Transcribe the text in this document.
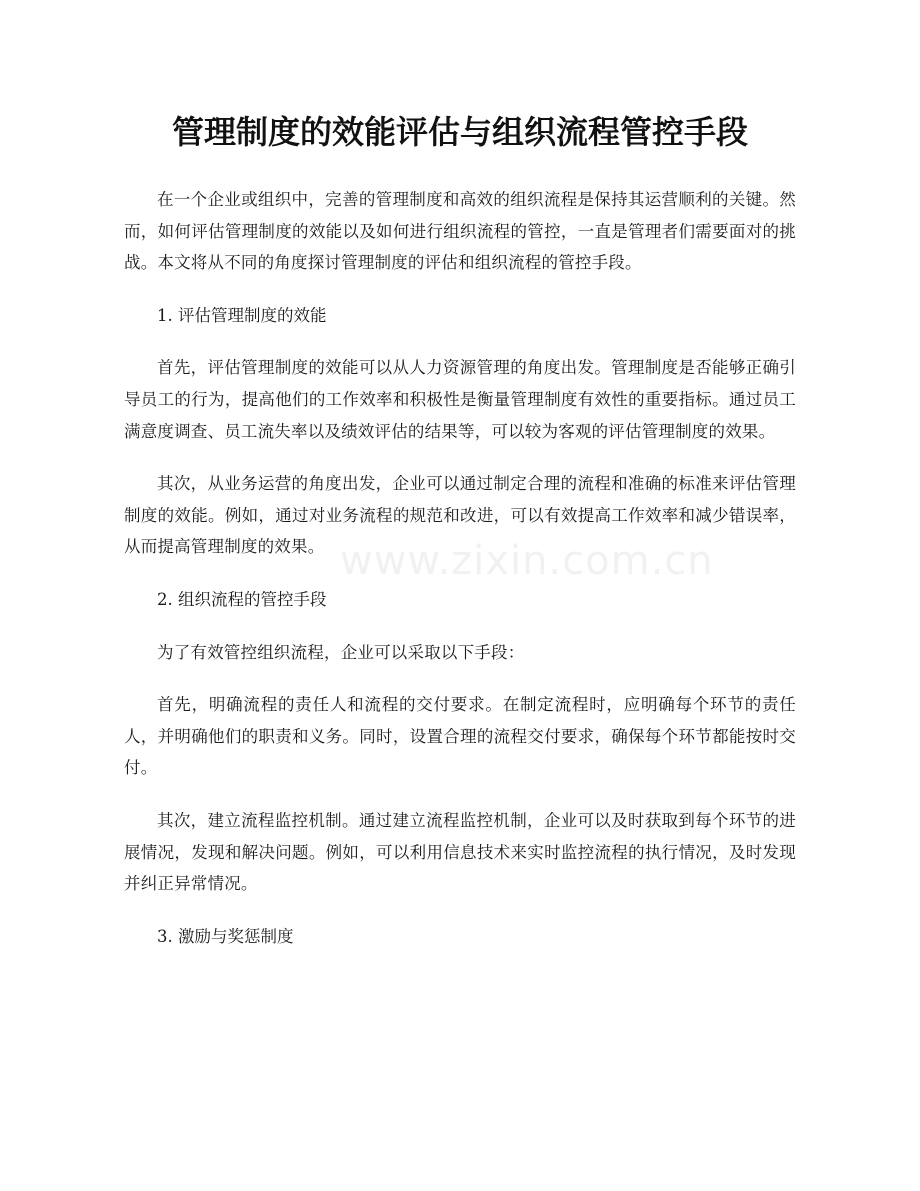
www.zixin.com.cn
管理制度的效能评估与组织流程管控手段

在一个企业或组织中，完善的管理制度和高效的组织流程是保持其运营顺利的关键。然而，如何评估管理制度的效能以及如何进行组织流程的管控，一直是管理者们需要面对的挑战。本文将从不同的角度探讨管理制度的评估和组织流程的管控手段。

1. 评估管理制度的效能

首先，评估管理制度的效能可以从人力资源管理的角度出发。管理制度是否能够正确引导员工的行为，提高他们的工作效率和积极性是衡量管理制度有效性的重要指标。通过员工满意度调查、员工流失率以及绩效评估的结果等，可以较为客观的评估管理制度的效果。

其次，从业务运营的角度出发，企业可以通过制定合理的流程和准确的标准来评估管理制度的效能。例如，通过对业务流程的规范和改进，可以有效提高工作效率和减少错误率，从而提高管理制度的效果。

2. 组织流程的管控手段

为了有效管控组织流程，企业可以采取以下手段：

首先，明确流程的责任人和流程的交付要求。在制定流程时，应明确每个环节的责任人，并明确他们的职责和义务。同时，设置合理的流程交付要求，确保每个环节都能按时交付。

其次，建立流程监控机制。通过建立流程监控机制，企业可以及时获取到每个环节的进展情况，发现和解决问题。例如，可以利用信息技术来实时监控流程的执行情况，及时发现并纠正异常情况。

3. 激励与奖惩制度
